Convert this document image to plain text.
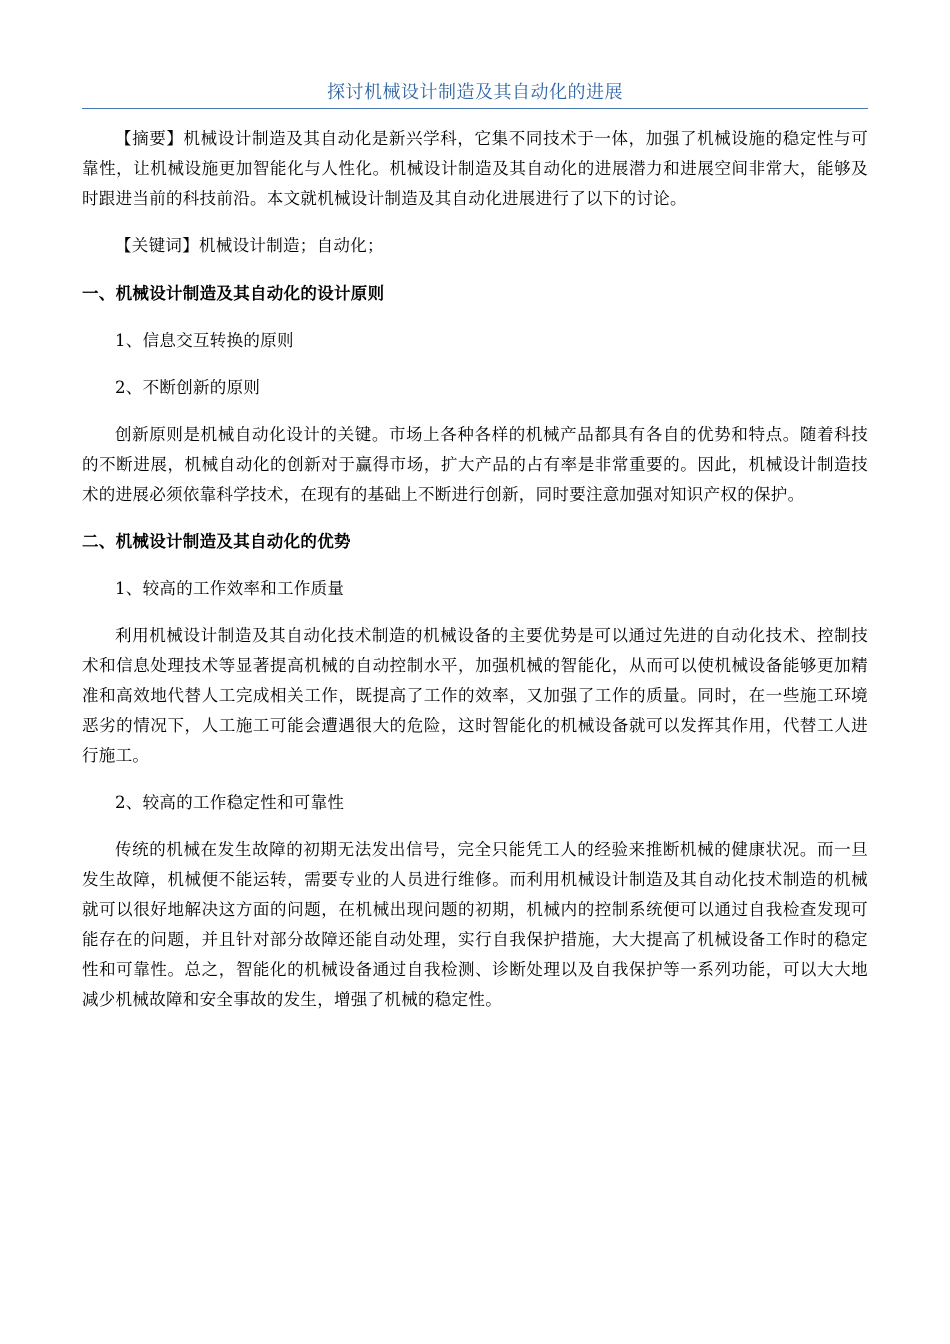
探讨机械设计制造及其自动化的进展

【摘要】机械设计制造及其自动化是新兴学科，它集不同技术于一体，加强了机械设施的稳定性与可靠性，让机械设施更加智能化与人性化。机械设计制造及其自动化的进展潜力和进展空间非常大，能够及时跟进当前的科技前沿。本文就机械设计制造及其自动化进展进行了以下的讨论。

【关键词】机械设计制造；自动化；

一、机械设计制造及其自动化的设计原则
1、信息交互转换的原则
2、不断创新的原则

创新原则是机械自动化设计的关键。市场上各种各样的机械产品都具有各自的优势和特点。随着科技的不断进展，机械自动化的创新对于赢得市场，扩大产品的占有率是非常重要的。因此，机械设计制造技术的进展必须依靠科学技术，在现有的基础上不断进行创新，同时要注意加强对知识产权的保护。

二、机械设计制造及其自动化的优势
1、较高的工作效率和工作质量

利用机械设计制造及其自动化技术制造的机械设备的主要优势是可以通过先进的自动化技术、控制技术和信息处理技术等显著提高机械的自动控制水平，加强机械的智能化，从而可以使机械设备能够更加精准和高效地代替人工完成相关工作，既提高了工作的效率，又加强了工作的质量。同时，在一些施工环境恶劣的情况下，人工施工可能会遭遇很大的危险，这时智能化的机械设备就可以发挥其作用，代替工人进行施工。

2、较高的工作稳定性和可靠性

传统的机械在发生故障的初期无法发出信号，完全只能凭工人的经验来推断机械的健康状况。而一旦发生故障，机械便不能运转，需要专业的人员进行维修。而利用机械设计制造及其自动化技术制造的机械就可以很好地解决这方面的问题，在机械出现问题的初期，机械内的控制系统便可以通过自我检查发现可能存在的问题，并且针对部分故障还能自动处理，实行自我保护措施，大大提高了机械设备工作时的稳定性和可靠性。总之，智能化的机械设备通过自我检测、诊断处理以及自我保护等一系列功能，可以大大地减少机械故障和安全事故的发生，增强了机械的稳定性。
